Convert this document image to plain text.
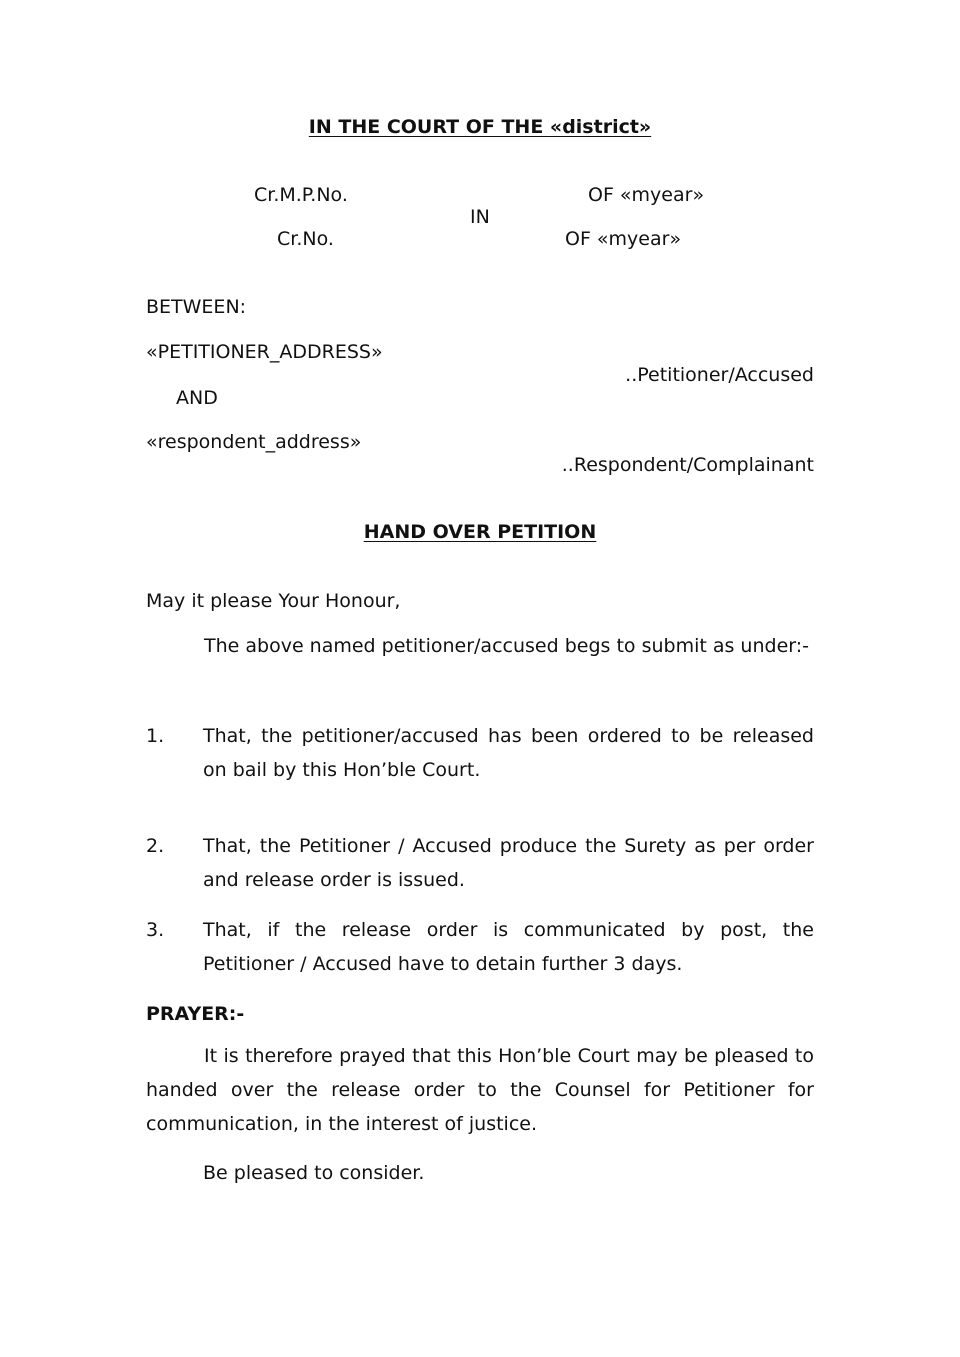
IN THE COURT OF THE «district»
Cr.M.P.No.	OF «myear»
IN
Cr.No.	OF «myear»
BETWEEN:
«PETITIONER_ADDRESS»
..Petitioner/Accused
AND
«respondent_address»
..Respondent/Complainant
HAND OVER PETITION
May it please Your Honour,
The above named petitioner/accused begs to submit as under:-
1. That, the petitioner/accused has been ordered to be released on bail by this Hon’ble Court.
2. That, the Petitioner / Accused produce the Surety as per order and release order is issued.
3. That, if the release order is communicated by post, the Petitioner / Accused have to detain further 3 days.
PRAYER:-
It is therefore prayed that this Hon’ble Court may be pleased to handed over the release order to the Counsel for Petitioner for communication, in the interest of justice.
Be pleased to consider.
